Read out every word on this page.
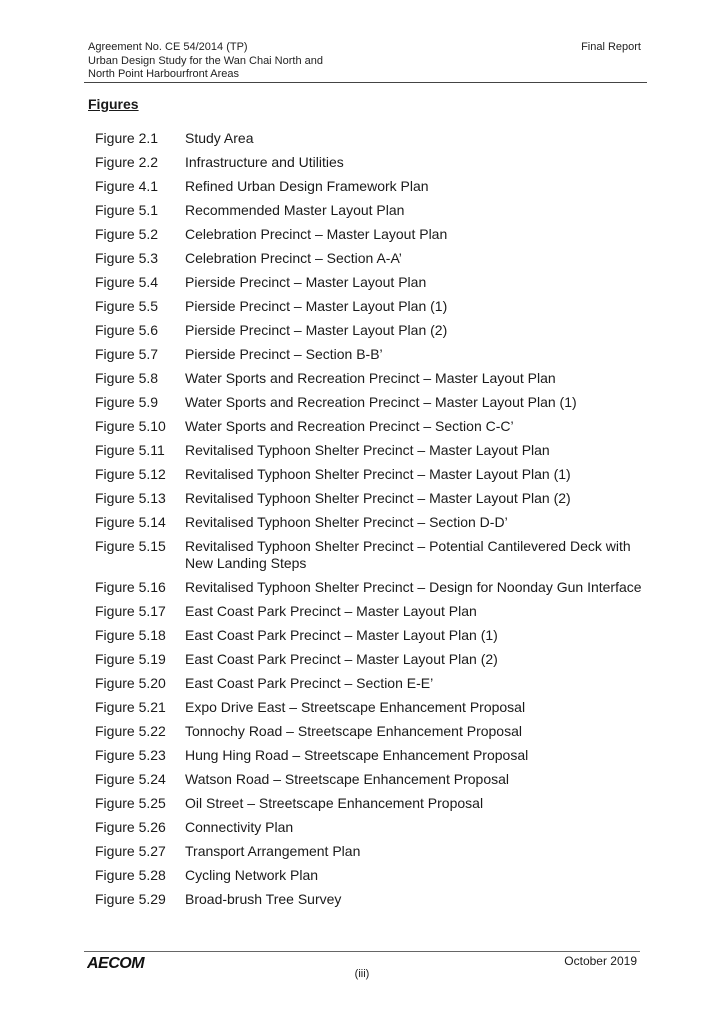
Agreement No. CE 54/2014 (TP)
Urban Design Study for the Wan Chai North and
North Point Harbourfront Areas
Final Report
Figures
Figure 2.1	Study Area
Figure 2.2	Infrastructure and Utilities
Figure 4.1	Refined Urban Design Framework Plan
Figure 5.1	Recommended Master Layout Plan
Figure 5.2	Celebration Precinct – Master Layout Plan
Figure 5.3	Celebration Precinct – Section A-A’
Figure 5.4	Pierside Precinct – Master Layout Plan
Figure 5.5	Pierside Precinct – Master Layout Plan (1)
Figure 5.6	Pierside Precinct – Master Layout Plan (2)
Figure 5.7	Pierside Precinct – Section B-B’
Figure 5.8	Water Sports and Recreation Precinct – Master Layout Plan
Figure 5.9	Water Sports and Recreation Precinct – Master Layout Plan (1)
Figure 5.10	Water Sports and Recreation Precinct – Section C-C’
Figure 5.11	Revitalised Typhoon Shelter Precinct – Master Layout Plan
Figure 5.12	Revitalised Typhoon Shelter Precinct – Master Layout Plan (1)
Figure 5.13	Revitalised Typhoon Shelter Precinct – Master Layout Plan (2)
Figure 5.14	Revitalised Typhoon Shelter Precinct – Section D-D’
Figure 5.15	Revitalised Typhoon Shelter Precinct – Potential Cantilevered Deck with New Landing Steps
Figure 5.16	Revitalised Typhoon Shelter Precinct – Design for Noonday Gun Interface
Figure 5.17	East Coast Park Precinct – Master Layout Plan
Figure 5.18	East Coast Park Precinct – Master Layout Plan (1)
Figure 5.19	East Coast Park Precinct – Master Layout Plan (2)
Figure 5.20	East Coast Park Precinct – Section E-E’
Figure 5.21	Expo Drive East – Streetscape Enhancement Proposal
Figure 5.22	Tonnochy Road – Streetscape Enhancement Proposal
Figure 5.23	Hung Hing Road – Streetscape Enhancement Proposal
Figure 5.24	Watson Road – Streetscape Enhancement Proposal
Figure 5.25	Oil Street – Streetscape Enhancement Proposal
Figure 5.26	Connectivity Plan
Figure 5.27	Transport Arrangement Plan
Figure 5.28	Cycling Network Plan
Figure 5.29	Broad-brush Tree Survey
AECOM	October 2019
(iii)
